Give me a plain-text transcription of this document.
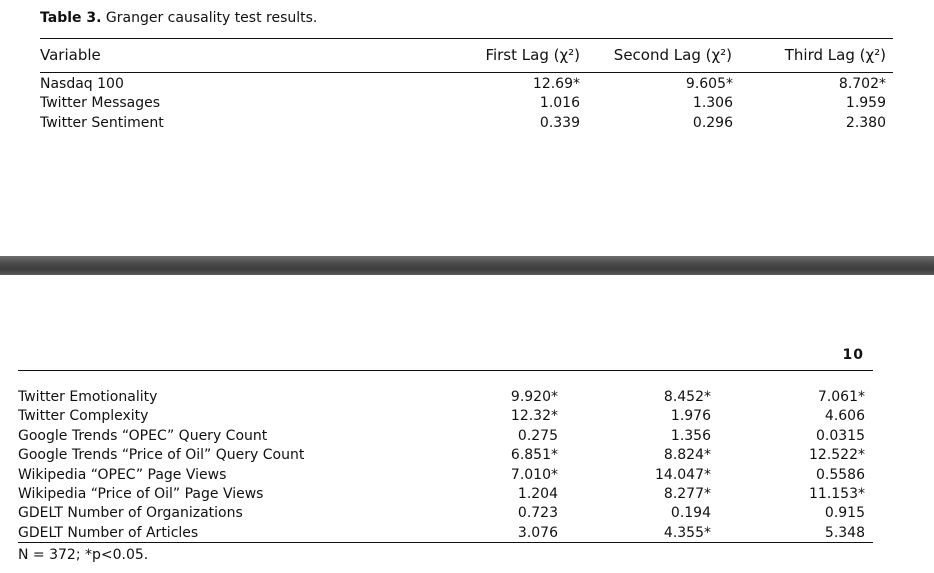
Table 3. Granger causality test results.
Variable	First Lag (χ²)	Second Lag (χ²)	Third Lag (χ²)
Nasdaq 100	12.69*	9.605*	8.702*
Twitter Messages	1.016	1.306	1.959
Twitter Sentiment	0.339	0.296	2.380
10
Twitter Emotionality	9.920*	8.452*	7.061*
Twitter Complexity	12.32*	1.976	4.606
Google Trends “OPEC” Query Count	0.275	1.356	0.0315
Google Trends “Price of Oil” Query Count	6.851*	8.824*	12.522*
Wikipedia “OPEC” Page Views	7.010*	14.047*	0.5586
Wikipedia “Price of Oil” Page Views	1.204	8.277*	11.153*
GDELT Number of Organizations	0.723	0.194	0.915
GDELT Number of Articles	3.076	4.355*	5.348
N = 372; *p<0.05.
